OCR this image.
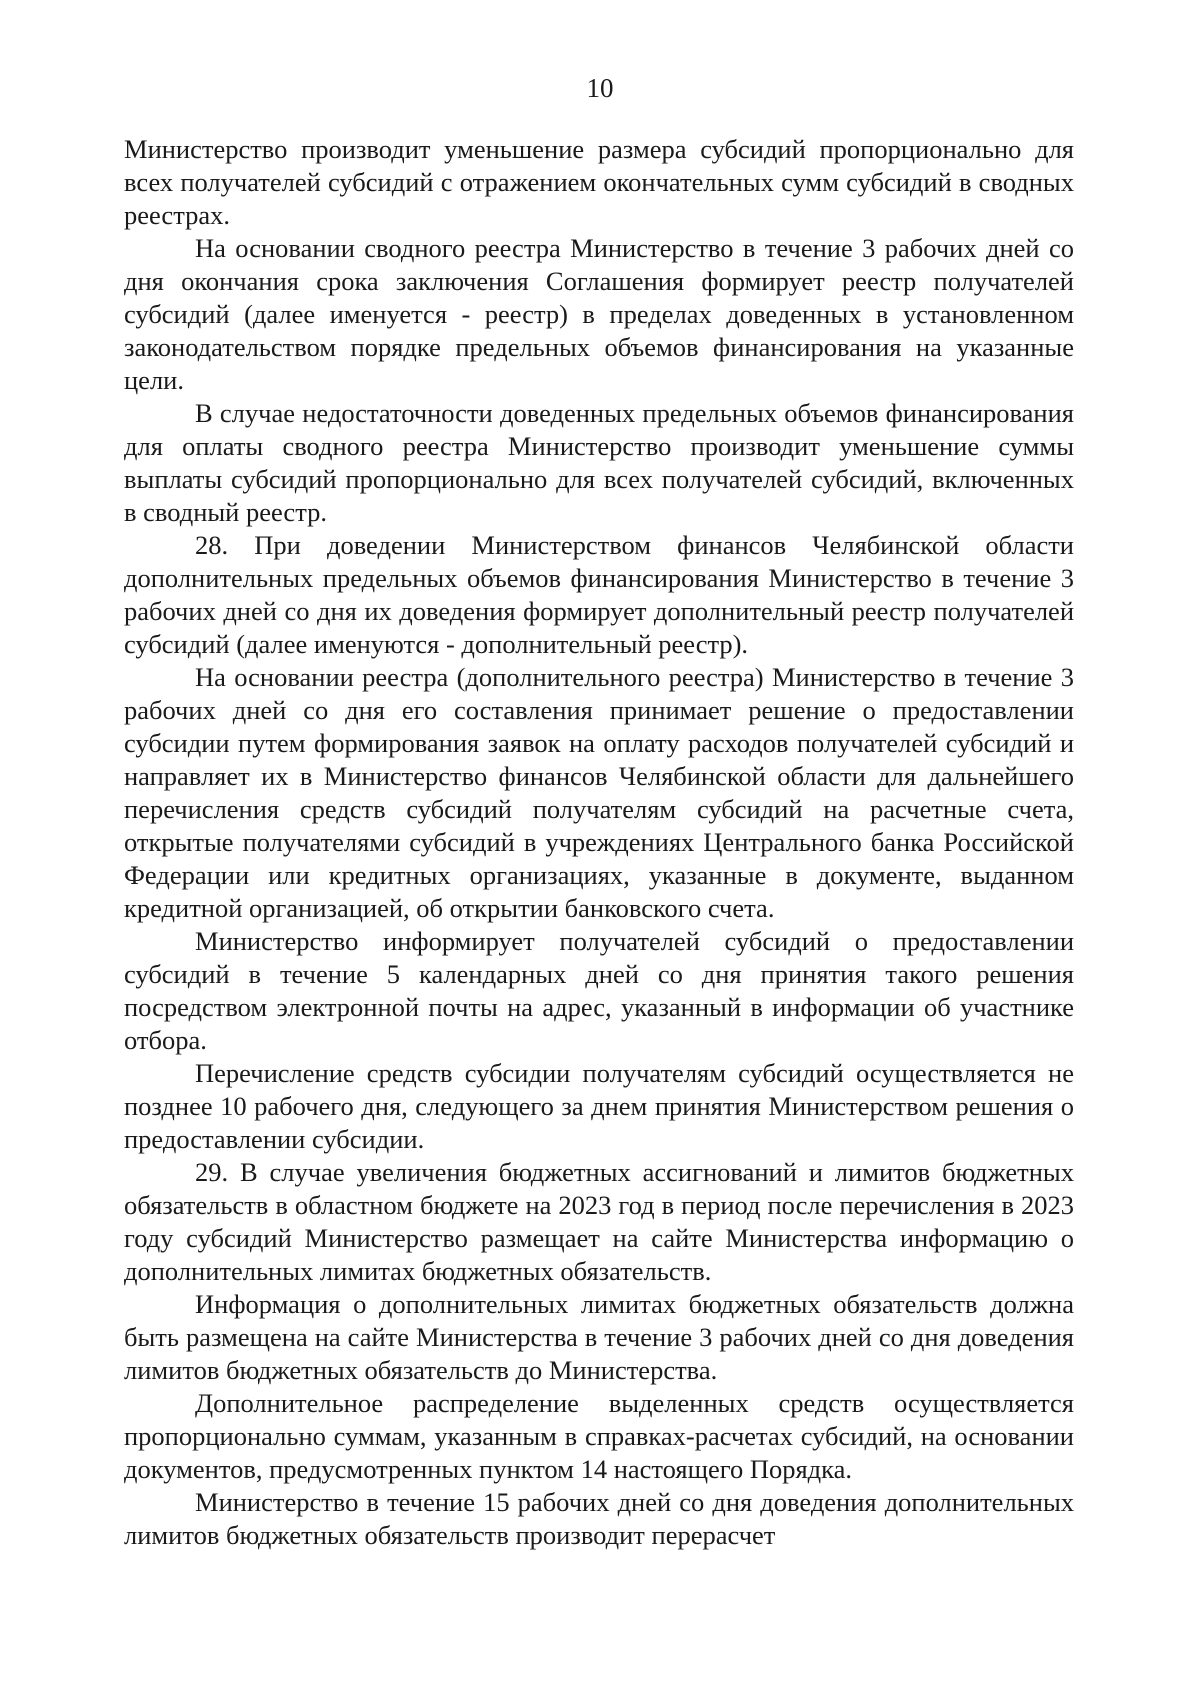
10

Министерство производит уменьшение размера субсидий пропорционально для всех получателей субсидий с отражением окончательных сумм субсидий в сводных реестрах.

На основании сводного реестра Министерство в течение 3 рабочих дней со дня окончания срока заключения Соглашения формирует реестр получателей субсидий (далее именуется - реестр) в пределах доведенных в установленном законодательством порядке предельных объемов финансирования на указанные цели.

В случае недостаточности доведенных предельных объемов финансирования для оплаты сводного реестра Министерство производит уменьшение суммы выплаты субсидий пропорционально для всех получателей субсидий, включенных в сводный реестр.

28. При доведении Министерством финансов Челябинской области дополнительных предельных объемов финансирования Министерство в течение 3 рабочих дней со дня их доведения формирует дополнительный реестр получателей субсидий (далее именуются - дополнительный реестр).

На основании реестра (дополнительного реестра) Министерство в течение 3 рабочих дней со дня его составления принимает решение о предоставлении субсидии путем формирования заявок на оплату расходов получателей субсидий и направляет их в Министерство финансов Челябинской области для дальнейшего перечисления средств субсидий получателям субсидий на расчетные счета, открытые получателями субсидий в учреждениях Центрального банка Российской Федерации или кредитных организациях, указанные в документе, выданном кредитной организацией, об открытии банковского счета.

Министерство информирует получателей субсидий о предоставлении субсидий в течение 5 календарных дней со дня принятия такого решения посредством электронной почты на адрес, указанный в информации об участнике отбора.

Перечисление средств субсидии получателям субсидий осуществляется не позднее 10 рабочего дня, следующего за днем принятия Министерством решения о предоставлении субсидии.

29. В случае увеличения бюджетных ассигнований и лимитов бюджетных обязательств в областном бюджете на 2023 год в период после перечисления в 2023 году субсидий Министерство размещает на сайте Министерства информацию о дополнительных лимитах бюджетных обязательств.

Информация о дополнительных лимитах бюджетных обязательств должна быть размещена на сайте Министерства в течение 3 рабочих дней со дня доведения лимитов бюджетных обязательств до Министерства.

Дополнительное распределение выделенных средств осуществляется пропорционально суммам, указанным в справках-расчетах субсидий, на основании документов, предусмотренных пунктом 14 настоящего Порядка.

Министерство в течение 15 рабочих дней со дня доведения дополнительных лимитов бюджетных обязательств производит перерасчет
